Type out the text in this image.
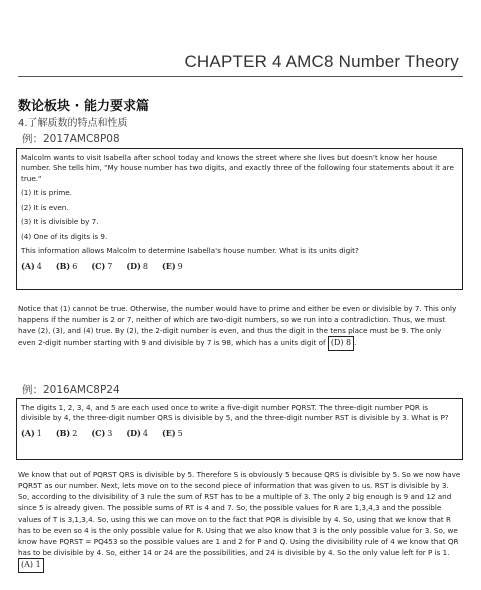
CHAPTER 4 AMC8 Number Theory
数论板块 · 能力要求篇
4.了解质数的特点和性质
例：2017AMC8P08

Malcolm wants to visit Isabella after school today and knows the street where she lives but doesn't know her house number. She tells him, "My house number has two digits, and exactly three of the following four statements about it are true."

(1) It is prime.
(2) It is even.
(3) It is divisible by 7.
(4) One of its digits is 9.

This information allows Malcolm to determine Isabella's house number. What is its units digit?

(A) 4 (B) 6 (C) 7 (D) 8 (E) 9

Notice that (1) cannot be true. Otherwise, the number would have to prime and either be even or divisible by 7. This only happens if the number is 2 or 7, neither of which are two-digit numbers, so we run into a contradiction. Thus, we must have (2), (3), and (4) true. By (2), the 2-digit number is even, and thus the digit in the tens place must be 9. The only even 2-digit number starting with 9 and divisible by 7 is 98, which has a units digit of (D) 8 .

例：2016AMC8P24

The digits 1, 2, 3, 4, and 5 are each used once to write a five-digit number PQRST. The three-digit number PQR is divisible by 4, the three-digit number QRS is divisible by 5, and the three-digit number RST is divisible by 3. What is P?

(A) 1 (B) 2 (C) 3 (D) 4 (E) 5

We know that out of PQRST QRS is divisible by 5. Therefore S is obviously 5 because QRS is divisible by 5. So we now have PQR5T as our number. Next, lets move on to the second piece of information that was given to us. RST is divisible by 3. So, according to the divisibility of 3 rule the sum of RST has to be a multiple of 3. The only 2 big enough is 9 and 12 and since 5 is already given. The possible sums of RT is 4 and 7. So, the possible values for R are 1,3,4,3 and the possible values of T is 3,1,3,4. So, using this we can move on to the fact that PQR is divisible by 4. So, using that we know that R has to be even so 4 is the only possible value for R. Using that we also know that 3 is the only possible value for 3. So, we know have PQRST = PQ453 so the possible values are 1 and 2 for P and Q. Using the divisibility rule of 4 we know that QR has to be divisible by 4. So, either 14 or 24 are the possibilities, and 24 is divisible by 4. So the only value left for P is 1. (A) 1
